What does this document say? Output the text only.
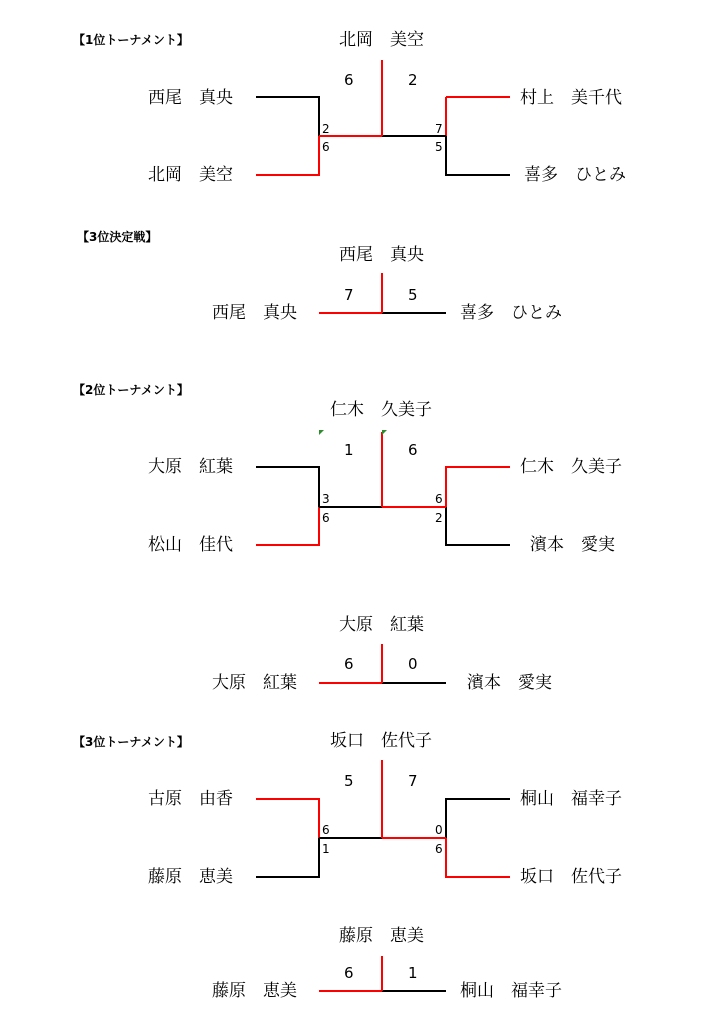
【1位トーナメント】	北岡　美空
6	2
西尾　真央
北岡　美空
村上　美千代
喜多　ひとみ
2
6
7
5
【3位決定戦】
西尾　真央
7	5
西尾　真央	喜多　ひとみ
【2位トーナメント】
仁木　久美子
1	6
大原　紅葉
松山　佳代
仁木　久美子
濱本　愛実
3
6
6
2
大原　紅葉
6	0
大原　紅葉	濱本　愛実
【3位トーナメント】	坂口　佐代子
5	7
古原　由香
藤原　恵美
桐山　福幸子
坂口　佐代子
6
1
0
6
藤原　恵美
6	1
藤原　恵美	桐山　福幸子
